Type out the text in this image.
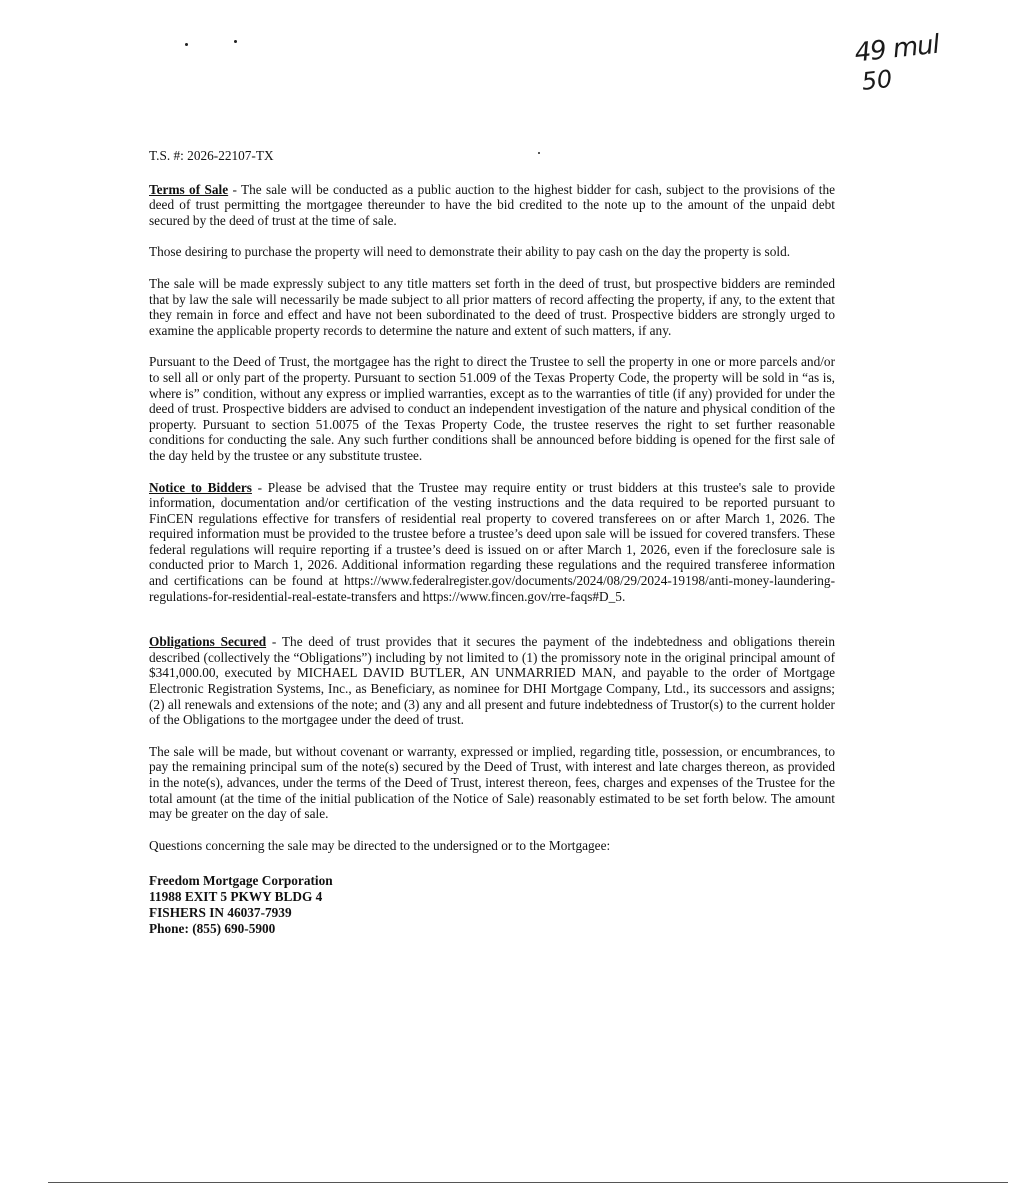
49 mul
50
T.S. #: 2026-22107-TX

Terms of Sale - The sale will be conducted as a public auction to the highest bidder for cash, subject to the provisions of the deed of trust permitting the mortgagee thereunder to have the bid credited to the note up to the amount of the unpaid debt secured by the deed of trust at the time of sale.

Those desiring to purchase the property will need to demonstrate their ability to pay cash on the day the property is sold.

The sale will be made expressly subject to any title matters set forth in the deed of trust, but prospective bidders are reminded that by law the sale will necessarily be made subject to all prior matters of record affecting the property, if any, to the extent that they remain in force and effect and have not been subordinated to the deed of trust. Prospective bidders are strongly urged to examine the applicable property records to determine the nature and extent of such matters, if any.

Pursuant to the Deed of Trust, the mortgagee has the right to direct the Trustee to sell the property in one or more parcels and/or to sell all or only part of the property. Pursuant to section 51.009 of the Texas Property Code, the property will be sold in “as is, where is” condition, without any express or implied warranties, except as to the warranties of title (if any) provided for under the deed of trust. Prospective bidders are advised to conduct an independent investigation of the nature and physical condition of the property. Pursuant to section 51.0075 of the Texas Property Code, the trustee reserves the right to set further reasonable conditions for conducting the sale. Any such further conditions shall be announced before bidding is opened for the first sale of the day held by the trustee or any substitute trustee.

Notice to Bidders - Please be advised that the Trustee may require entity or trust bidders at this trustee's sale to provide information, documentation and/or certification of the vesting instructions and the data required to be reported pursuant to FinCEN regulations effective for transfers of residential real property to covered transferees on or after March 1, 2026. The required information must be provided to the trustee before a trustee’s deed upon sale will be issued for covered transfers. These federal regulations will require reporting if a trustee’s deed is issued on or after March 1, 2026, even if the foreclosure sale is conducted prior to March 1, 2026. Additional information regarding these regulations and the required transferee information and certifications can be found at https://www.federalregister.gov/documents/2024/08/29/2024-19198/anti-money-laundering-regulations-for-residential-real-estate-transfers and https://www.fincen.gov/rre-faqs#D_5.

Obligations Secured - The deed of trust provides that it secures the payment of the indebtedness and obligations therein described (collectively the “Obligations”) including by not limited to (1) the promissory note in the original principal amount of $341,000.00, executed by MICHAEL DAVID BUTLER, AN UNMARRIED MAN, and payable to the order of Mortgage Electronic Registration Systems, Inc., as Beneficiary, as nominee for DHI Mortgage Company, Ltd., its successors and assigns; (2) all renewals and extensions of the note; and (3) any and all present and future indebtedness of Trustor(s) to the current holder of the Obligations to the mortgagee under the deed of trust.

The sale will be made, but without covenant or warranty, expressed or implied, regarding title, possession, or encumbrances, to pay the remaining principal sum of the note(s) secured by the Deed of Trust, with interest and late charges thereon, as provided in the note(s), advances, under the terms of the Deed of Trust, interest thereon, fees, charges and expenses of the Trustee for the total amount (at the time of the initial publication of the Notice of Sale) reasonably estimated to be set forth below. The amount may be greater on the day of sale.

Questions concerning the sale may be directed to the undersigned or to the Mortgagee:

Freedom Mortgage Corporation
11988 EXIT 5 PKWY BLDG 4
FISHERS IN 46037-7939
Phone: (855) 690-5900
